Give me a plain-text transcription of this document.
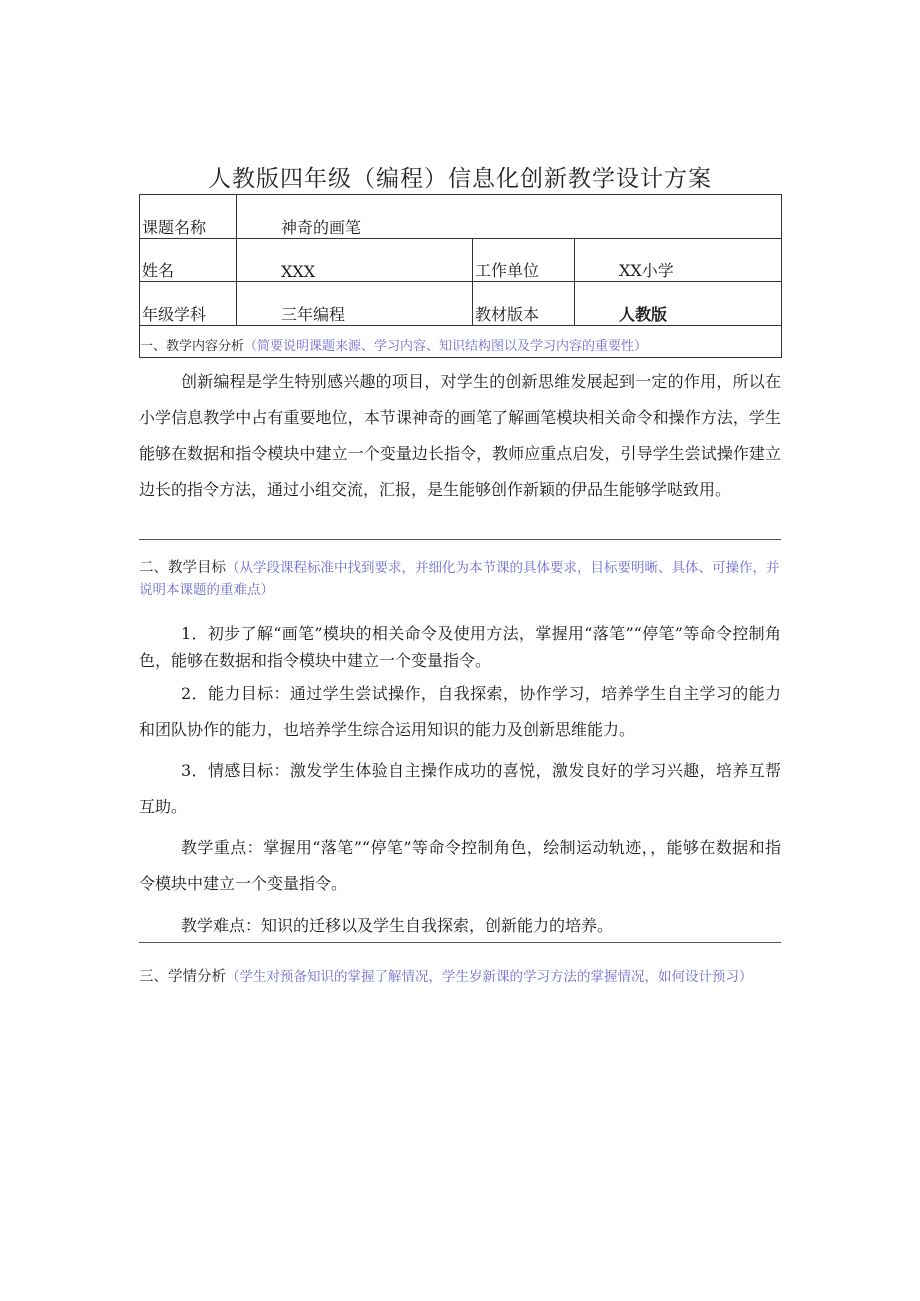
人教版四年级（编程）信息化创新教学设计方案
课题名称	神奇的画笔		
姓名	XXX	工作单位	XX小学
年级学科	三年编程	教材版本	人教版
一、教学内容分析（简要说明课题来源、学习内容、知识结构图以及学习内容的重要性）			

创新编程是学生特别感兴趣的项目，对学生的创新思维发展起到一定的作用，所以在小学信息教学中占有重要地位，本节课神奇的画笔了解画笔模块相关命令和操作方法，学生能够在数据和指令模块中建立一个变量边长指令，教师应重点启发，引导学生尝试操作建立边长的指令方法，通过小组交流，汇报，是生能够创作新颖的伊品生能够学哒致用。

二、教学目标（从学段课程标准中找到要求，并细化为本节课的具体要求，目标要明晰、具体、可操作，并说明本课题的重难点）

1．初步了解“画笔”模块的相关命令及使用方法，掌握用“落笔”“停笔”等命令控制角色，能够在数据和指令模块中建立一个变量指令。

2．能力目标：通过学生尝试操作，自我探索，协作学习，培养学生自主学习的能力和团队协作的能力，也培养学生综合运用知识的能力及创新思维能力。

3．情感目标：激发学生体验自主操作成功的喜悦，激发良好的学习兴趣，培养互帮互助。

教学重点：掌握用“落笔”“停笔”等命令控制角色，绘制运动轨迹，，能够在数据和指令模块中建立一个变量指令。

教学难点：知识的迁移以及学生自我探索，创新能力的培养。

三、学情分析（学生对预备知识的掌握了解情况，学生岁新课的学习方法的掌握情况，如何设计预习）
